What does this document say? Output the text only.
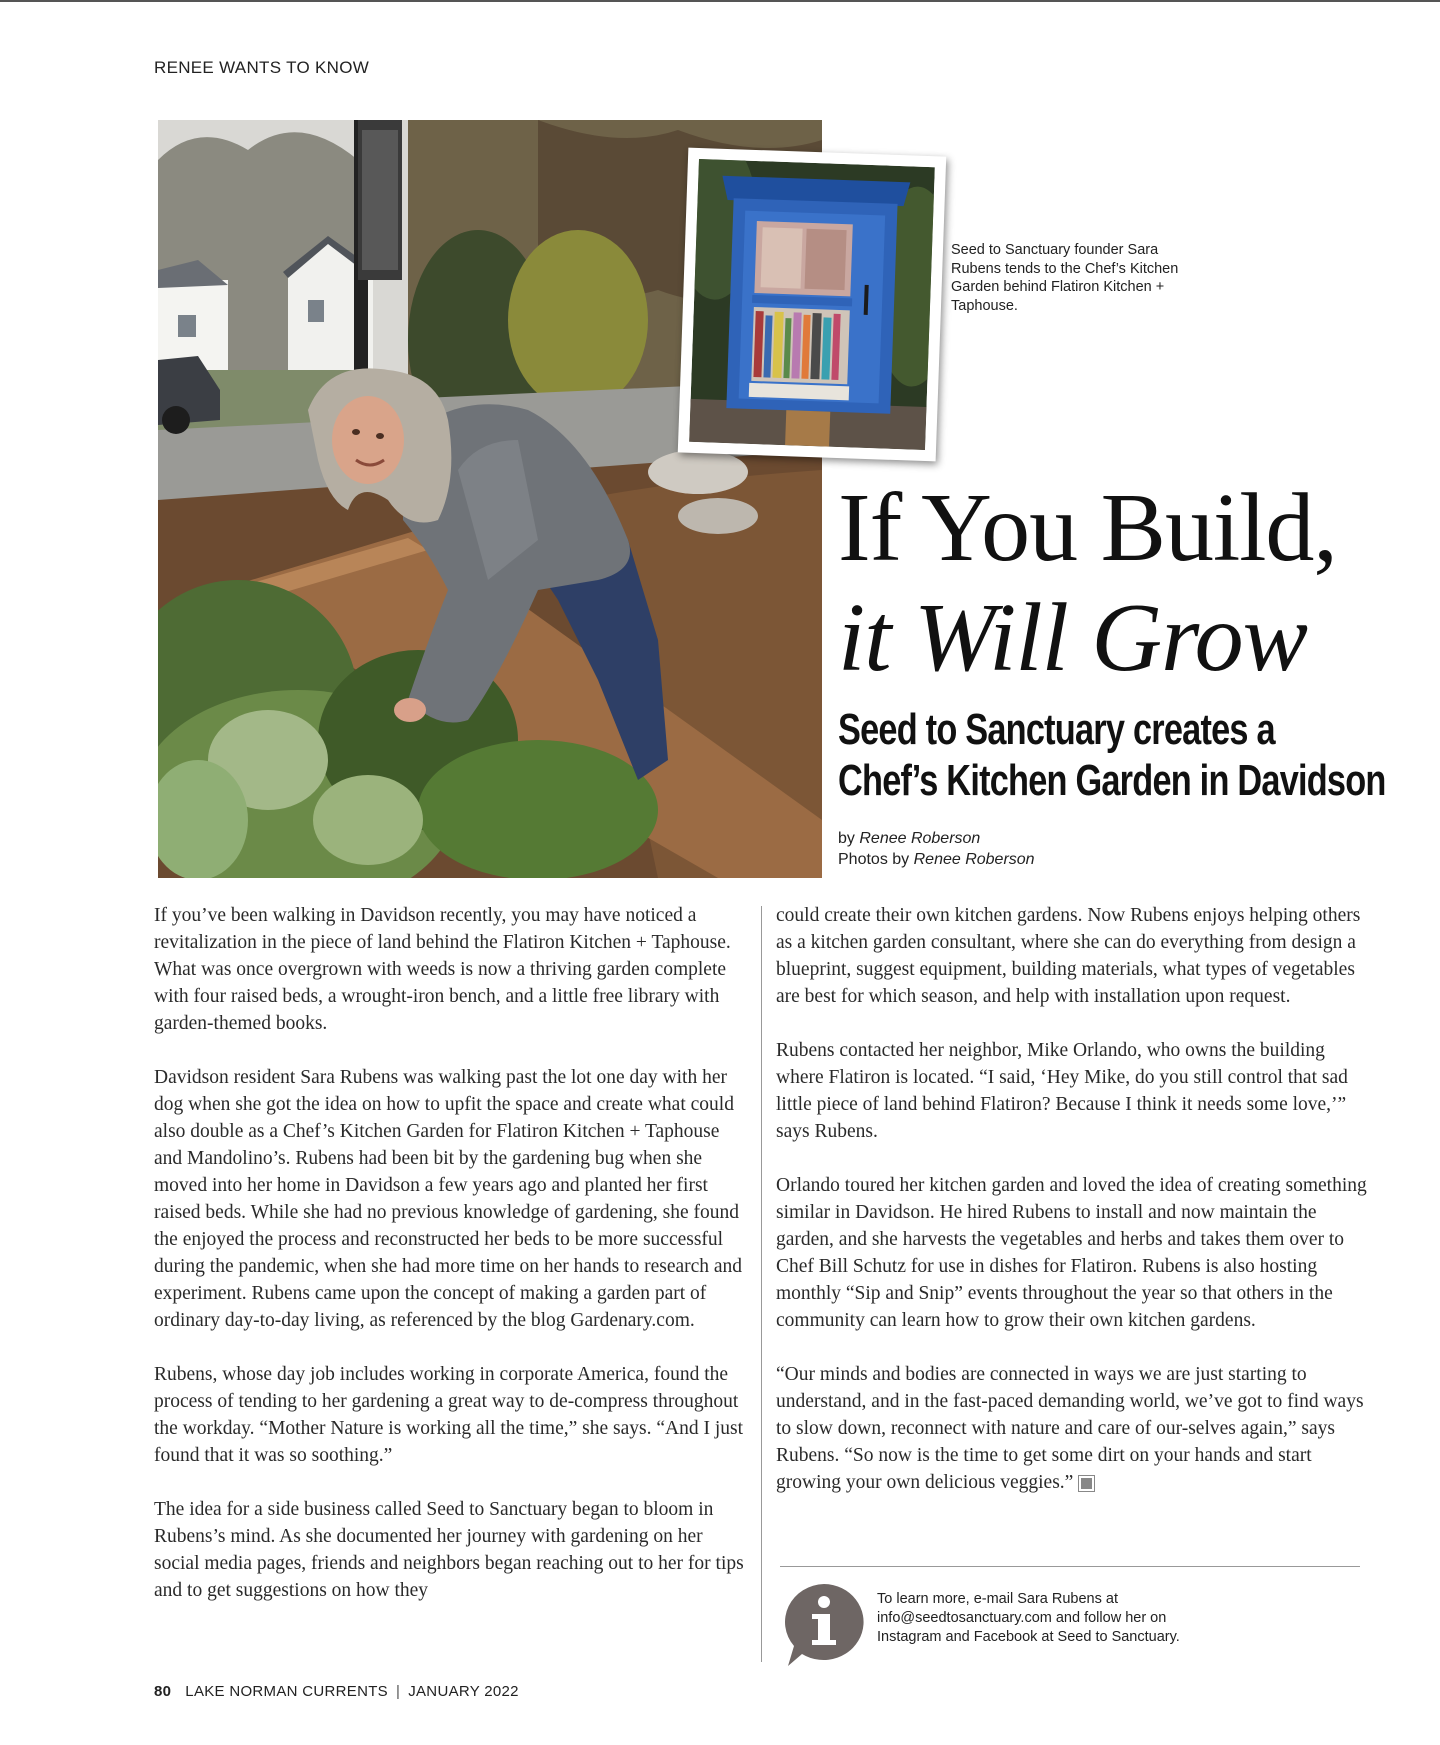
RENEE WANTS TO KNOW
Seed to Sanctuary founder Sara Rubens tends to the Chef’s Kitchen Garden behind Flatiron Kitchen + Taphouse.
If You Build,
it Will Grow
Seed to Sanctuary creates a
Chef’s Kitchen Garden in Davidson
by Renee Roberson
Photos by Renee Roberson

If you’ve been walking in Davidson recently, you may have noticed a revitalization in the piece of land behind the Flatiron Kitchen + Taphouse. What was once overgrown with weeds is now a thriving garden complete with four raised beds, a wrought-iron bench, and a little free library with garden-themed books.

Davidson resident Sara Rubens was walking past the lot one day with her dog when she got the idea on how to upfit the space and create what could also double as a Chef’s Kitchen Garden for Flatiron Kitchen + Taphouse and Mandolino’s. Rubens had been bit by the gardening bug when she moved into her home in Davidson a few years ago and planted her first raised beds. While she had no previous knowledge of gardening, she found the enjoyed the process and reconstructed her beds to be more successful during the pandemic, when she had more time on her hands to research and experiment. Rubens came upon the concept of making a garden part of ordinary day-to-day living, as referenced by the blog Gardenary.com.

Rubens, whose day job includes working in corporate America, found the process of tending to her gardening a great way to de-compress throughout the workday. “Mother Nature is working all the time,” she says. “And I just found that it was so soothing.”

The idea for a side business called Seed to Sanctuary began to bloom in Rubens’s mind. As she documented her journey with gardening on her social media pages, friends and neighbors began reaching out to her for tips and to get suggestions on how they

could create their own kitchen gardens. Now Rubens enjoys helping others as a kitchen garden consultant, where she can do everything from design a blueprint, suggest equipment, building materials, what types of vegetables are best for which season, and help with installation upon request.

Rubens contacted her neighbor, Mike Orlando, who owns the building where Flatiron is located. “I said, ‘Hey Mike, do you still control that sad little piece of land behind Flatiron? Because I think it needs some love,’” says Rubens.

Orlando toured her kitchen garden and loved the idea of creating something similar in Davidson. He hired Rubens to install and now maintain the garden, and she harvests the vegetables and herbs and takes them over to Chef Bill Schutz for use in dishes for Flatiron. Rubens is also hosting monthly “Sip and Snip” events throughout the year so that others in the community can learn how to grow their own kitchen gardens.

“Our minds and bodies are connected in ways we are just starting to understand, and in the fast-paced demanding world, we’ve got to find ways to slow down, reconnect with nature and care of our-selves again,” says Rubens. “So now is the time to get some dirt on your hands and start growing your own delicious veggies.”

To learn more, e-mail Sara Rubens at
info@seedtosanctuary.com and follow her on
Instagram and Facebook at Seed to Sanctuary.
80 LAKE NORMAN CURRENTS | JANUARY 2022
